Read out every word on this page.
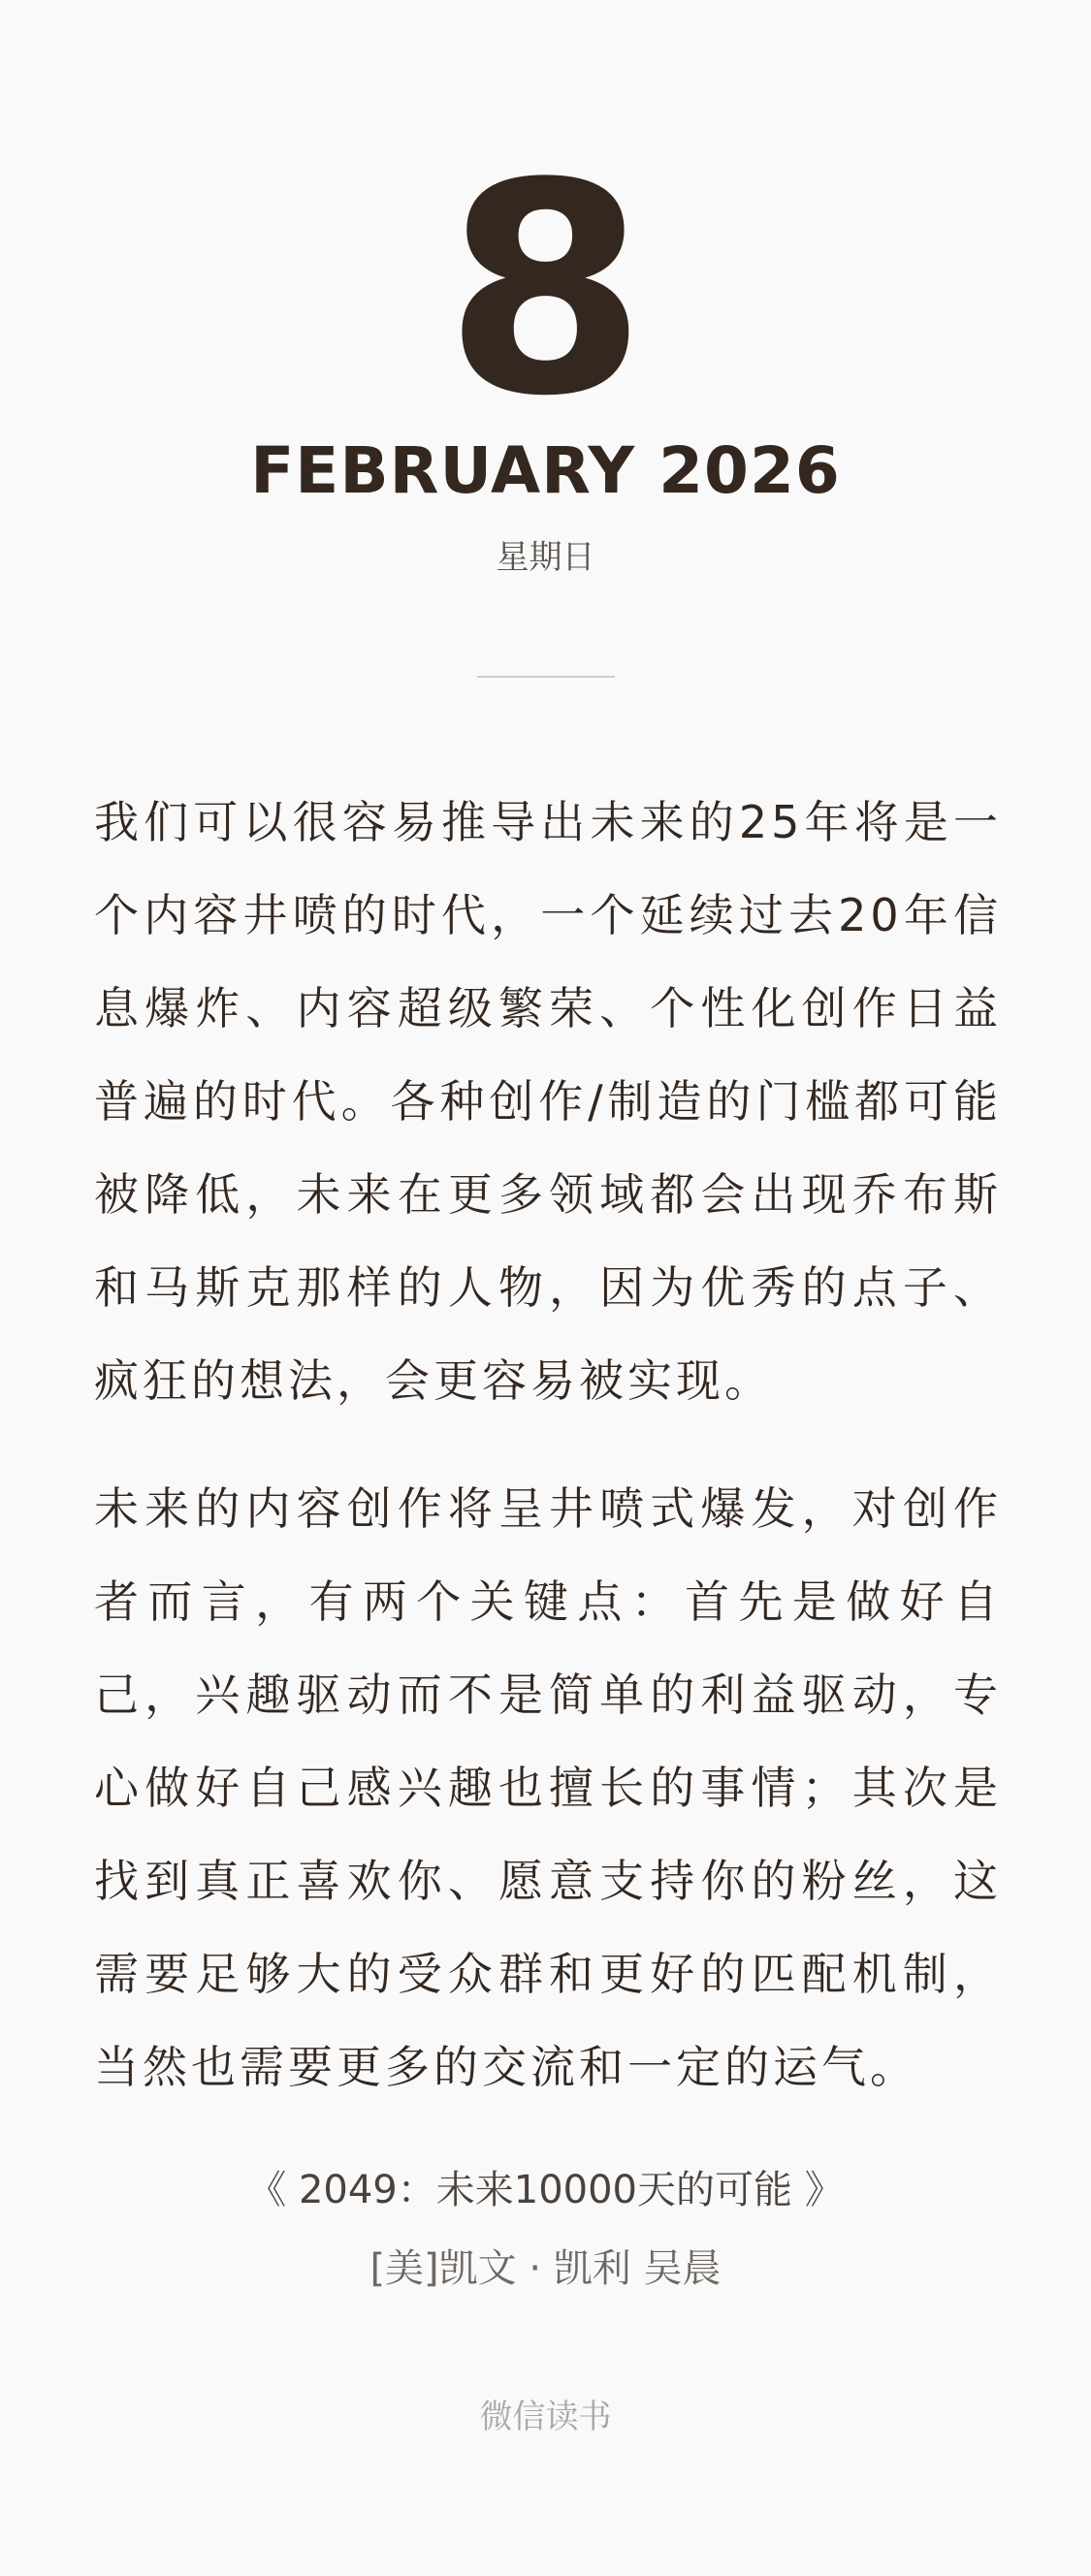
8
FEBRUARY 2026
星期日

我们可以很容易推导出未来的25年将是一个内容井喷的时代，一个延续过去20年信息爆炸、内容超级繁荣、个性化创作日益普遍的时代。各种创作/制造的门槛都可能被降低，未来在更多领域都会出现乔布斯和马斯克那样的人物，因为优秀的点子、疯狂的想法，会更容易被实现。

未来的内容创作将呈井喷式爆发，对创作者而言，有两个关键点：首先是做好自己，兴趣驱动而不是简单的利益驱动，专心做好自己感兴趣也擅长的事情；其次是找到真正喜欢你、愿意支持你的粉丝，这需要足够大的受众群和更好的匹配机制，当然也需要更多的交流和一定的运气。

《 2049：未来10000天的可能 》
[美]凯文 · 凯利 吴晨
微信读书
